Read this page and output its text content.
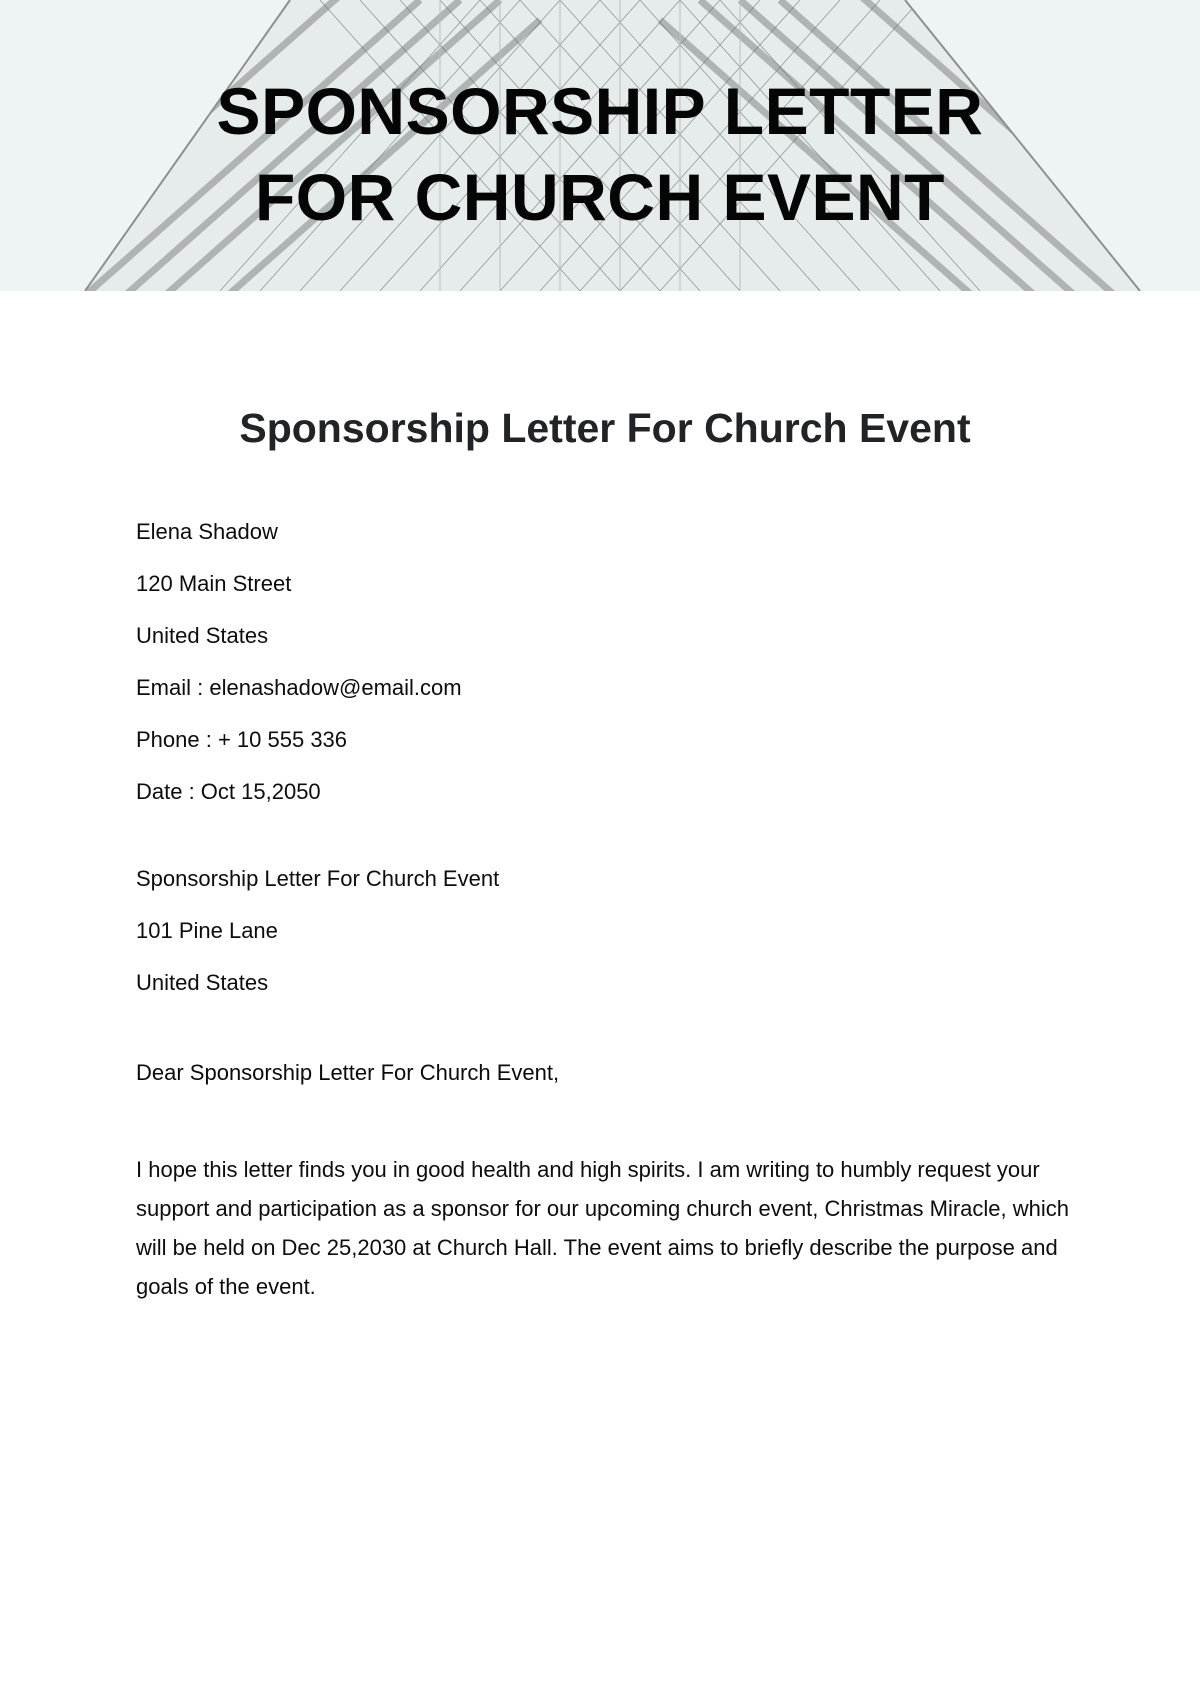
SPONSORSHIP LETTER
FOR CHURCH EVENT
Sponsorship Letter For Church Event
Elena Shadow
120 Main Street
United States
Email : elenashadow@email.com
Phone : + 10 555 336
Date : Oct 15,2050
Sponsorship Letter For Church Event
101 Pine Lane
United States
Dear Sponsorship Letter For Church Event,

I hope this letter finds you in good health and high spirits. I am writing to humbly request your support and participation as a sponsor for our upcoming church event, Christmas Miracle, which will be held on Dec 25,2030 at Church Hall. The event aims to briefly describe the purpose and goals of the event.
